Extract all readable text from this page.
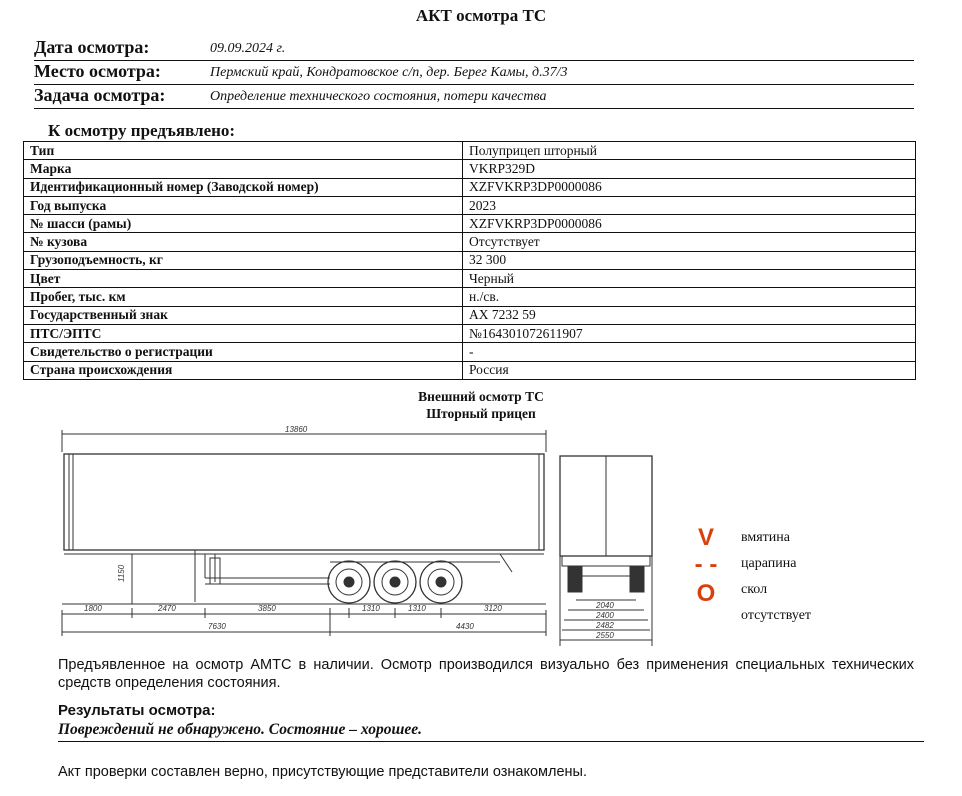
АКТ осмотра ТС
Дата осмотра:	09.09.2024 г.
Место осмотра:	Пермский край, Кондратовское с/п, дер. Берег Камы, д.37/3
Задача осмотра:	Определение технического состояния, потери качества
К осмотру предъявлено:
Тип	Полуприцеп шторный
Марка	VKRP329D
Идентификационный номер (Заводской номер)	XZFVKRP3DP0000086
Год выпуска	2023
№ шасси (рамы)	XZFVKRP3DP0000086
№ кузова	Отсутствует
Грузоподъемность, кг	32 300
Цвет	Черный
Пробег, тыс. км	н./св.
Государственный знак	АХ 7232 59
ПТС/ЭПТС	№164301072611907
Свидетельство о регистрации	-
Страна происхождения	Россия
Внешний осмотр ТС
Шторный прицеп
13860
1150
1800	2470	3850	1310	1310	3120
7630	4430
2040
2400
2482
2550
V
- -
O
вмятина
царапина
скол
отсутствует
Предъявленное на осмотр АМТС в наличии. Осмотр производился визуально без применения специальных технических средств определения состояния.
Результаты осмотра:
Повреждений не обнаружено. Состояние – хорошее.
Акт проверки составлен верно, присутствующие представители ознакомлены.
